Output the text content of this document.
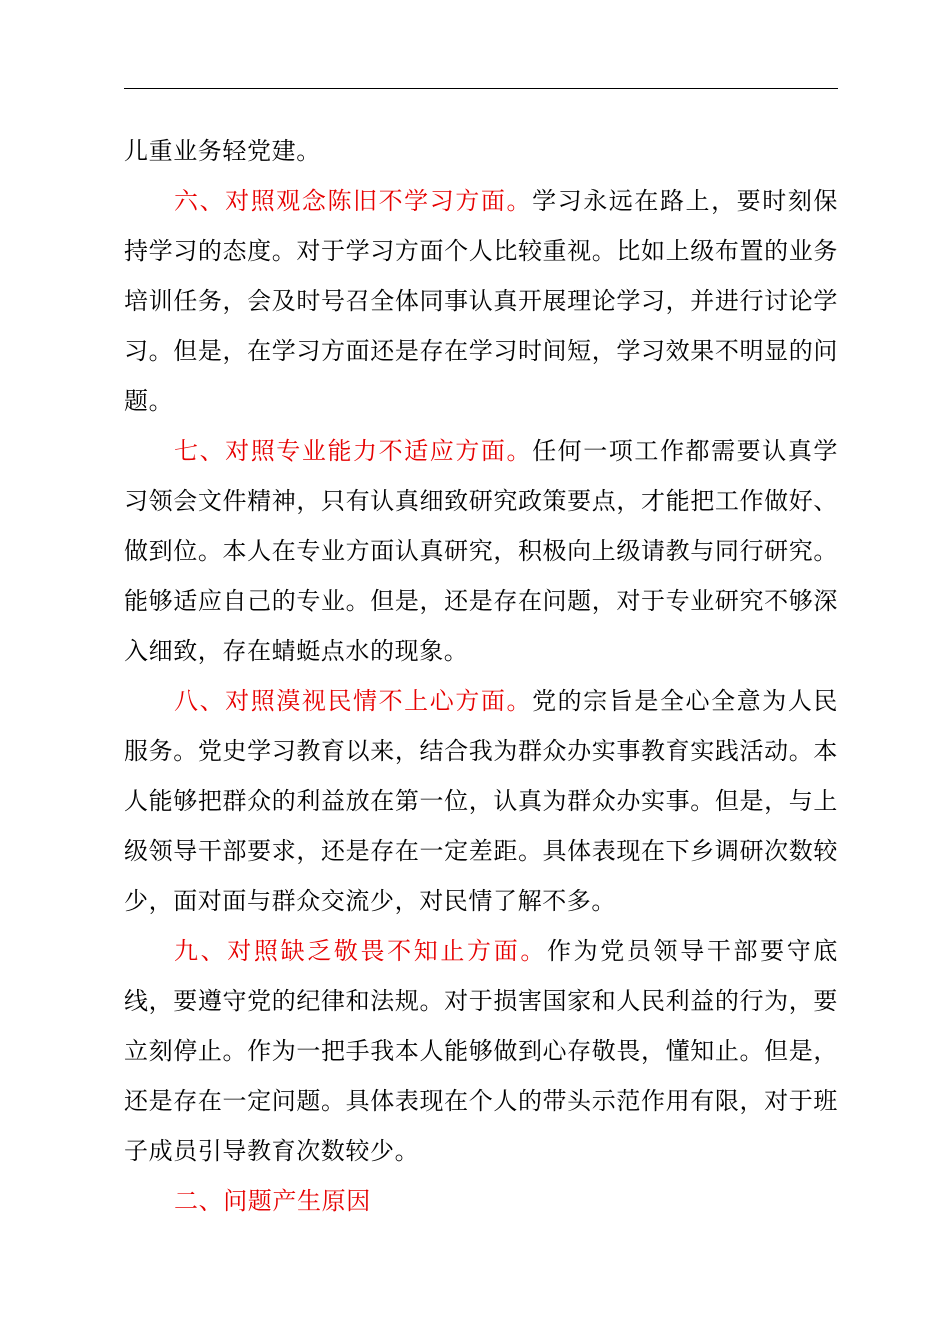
儿重业务轻党建。

六、对照观念陈旧不学习方面。学习永远在路上，要时刻保持学习的态度。对于学习方面个人比较重视。比如上级布置的业务培训任务，会及时号召全体同事认真开展理论学习，并进行讨论学习。但是，在学习方面还是存在学习时间短，学习效果不明显的问题。

七、对照专业能力不适应方面。任何一项工作都需要认真学习领会文件精神，只有认真细致研究政策要点，才能把工作做好、做到位。本人在专业方面认真研究，积极向上级请教与同行研究。能够适应自己的专业。但是，还是存在问题，对于专业研究不够深入细致，存在蜻蜓点水的现象。

八、对照漠视民情不上心方面。党的宗旨是全心全意为人民服务。党史学习教育以来，结合我为群众办实事教育实践活动。本人能够把群众的利益放在第一位，认真为群众办实事。但是，与上级领导干部要求，还是存在一定差距。具体表现在下乡调研次数较少，面对面与群众交流少，对民情了解不多。

九、对照缺乏敬畏不知止方面。作为党员领导干部要守底线，要遵守党的纪律和法规。对于损害国家和人民利益的行为，要立刻停止。作为一把手我本人能够做到心存敬畏，懂知止。但是，还是存在一定问题。具体表现在个人的带头示范作用有限，对于班子成员引导教育次数较少。

二、问题产生原因
